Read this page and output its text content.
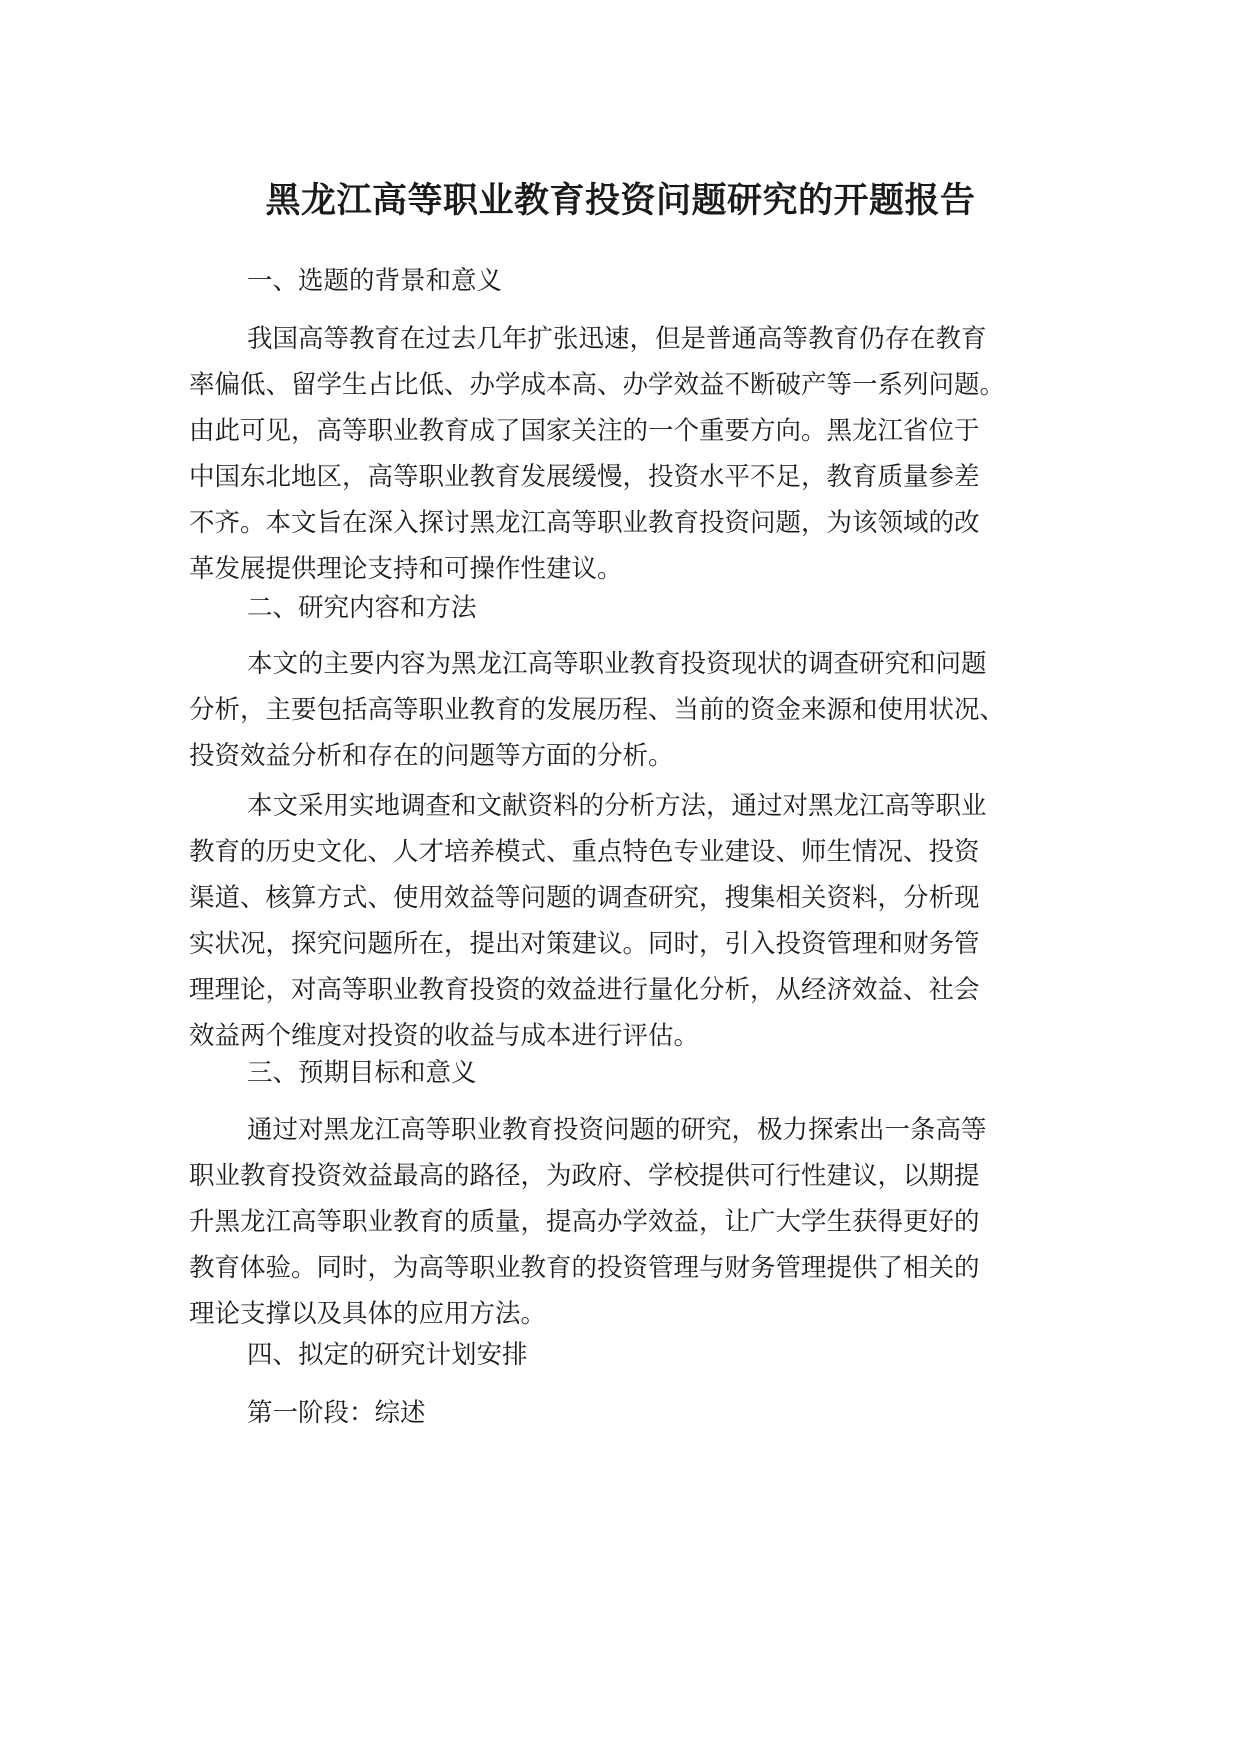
黑龙江高等职业教育投资问题研究的开题报告
一、选题的背景和意义
我国高等教育在过去几年扩张迅速，但是普通高等教育仍存在教育
率偏低、留学生占比低、办学成本高、办学效益不断破产等一系列问题。
由此可见，高等职业教育成了国家关注的一个重要方向。黑龙江省位于
中国东北地区，高等职业教育发展缓慢，投资水平不足，教育质量参差
不齐。本文旨在深入探讨黑龙江高等职业教育投资问题，为该领域的改
革发展提供理论支持和可操作性建议。
二、研究内容和方法
本文的主要内容为黑龙江高等职业教育投资现状的调查研究和问题
分析，主要包括高等职业教育的发展历程、当前的资金来源和使用状况、
投资效益分析和存在的问题等方面的分析。
本文采用实地调查和文献资料的分析方法，通过对黑龙江高等职业
教育的历史文化、人才培养模式、重点特色专业建设、师生情况、投资
渠道、核算方式、使用效益等问题的调查研究，搜集相关资料，分析现
实状况，探究问题所在，提出对策建议。同时，引入投资管理和财务管
理理论，对高等职业教育投资的效益进行量化分析，从经济效益、社会
效益两个维度对投资的收益与成本进行评估。
三、预期目标和意义
通过对黑龙江高等职业教育投资问题的研究，极力探索出一条高等
职业教育投资效益最高的路径，为政府、学校提供可行性建议，以期提
升黑龙江高等职业教育的质量，提高办学效益，让广大学生获得更好的
教育体验。同时，为高等职业教育的投资管理与财务管理提供了相关的
理论支撑以及具体的应用方法。
四、拟定的研究计划安排
第一阶段：综述
